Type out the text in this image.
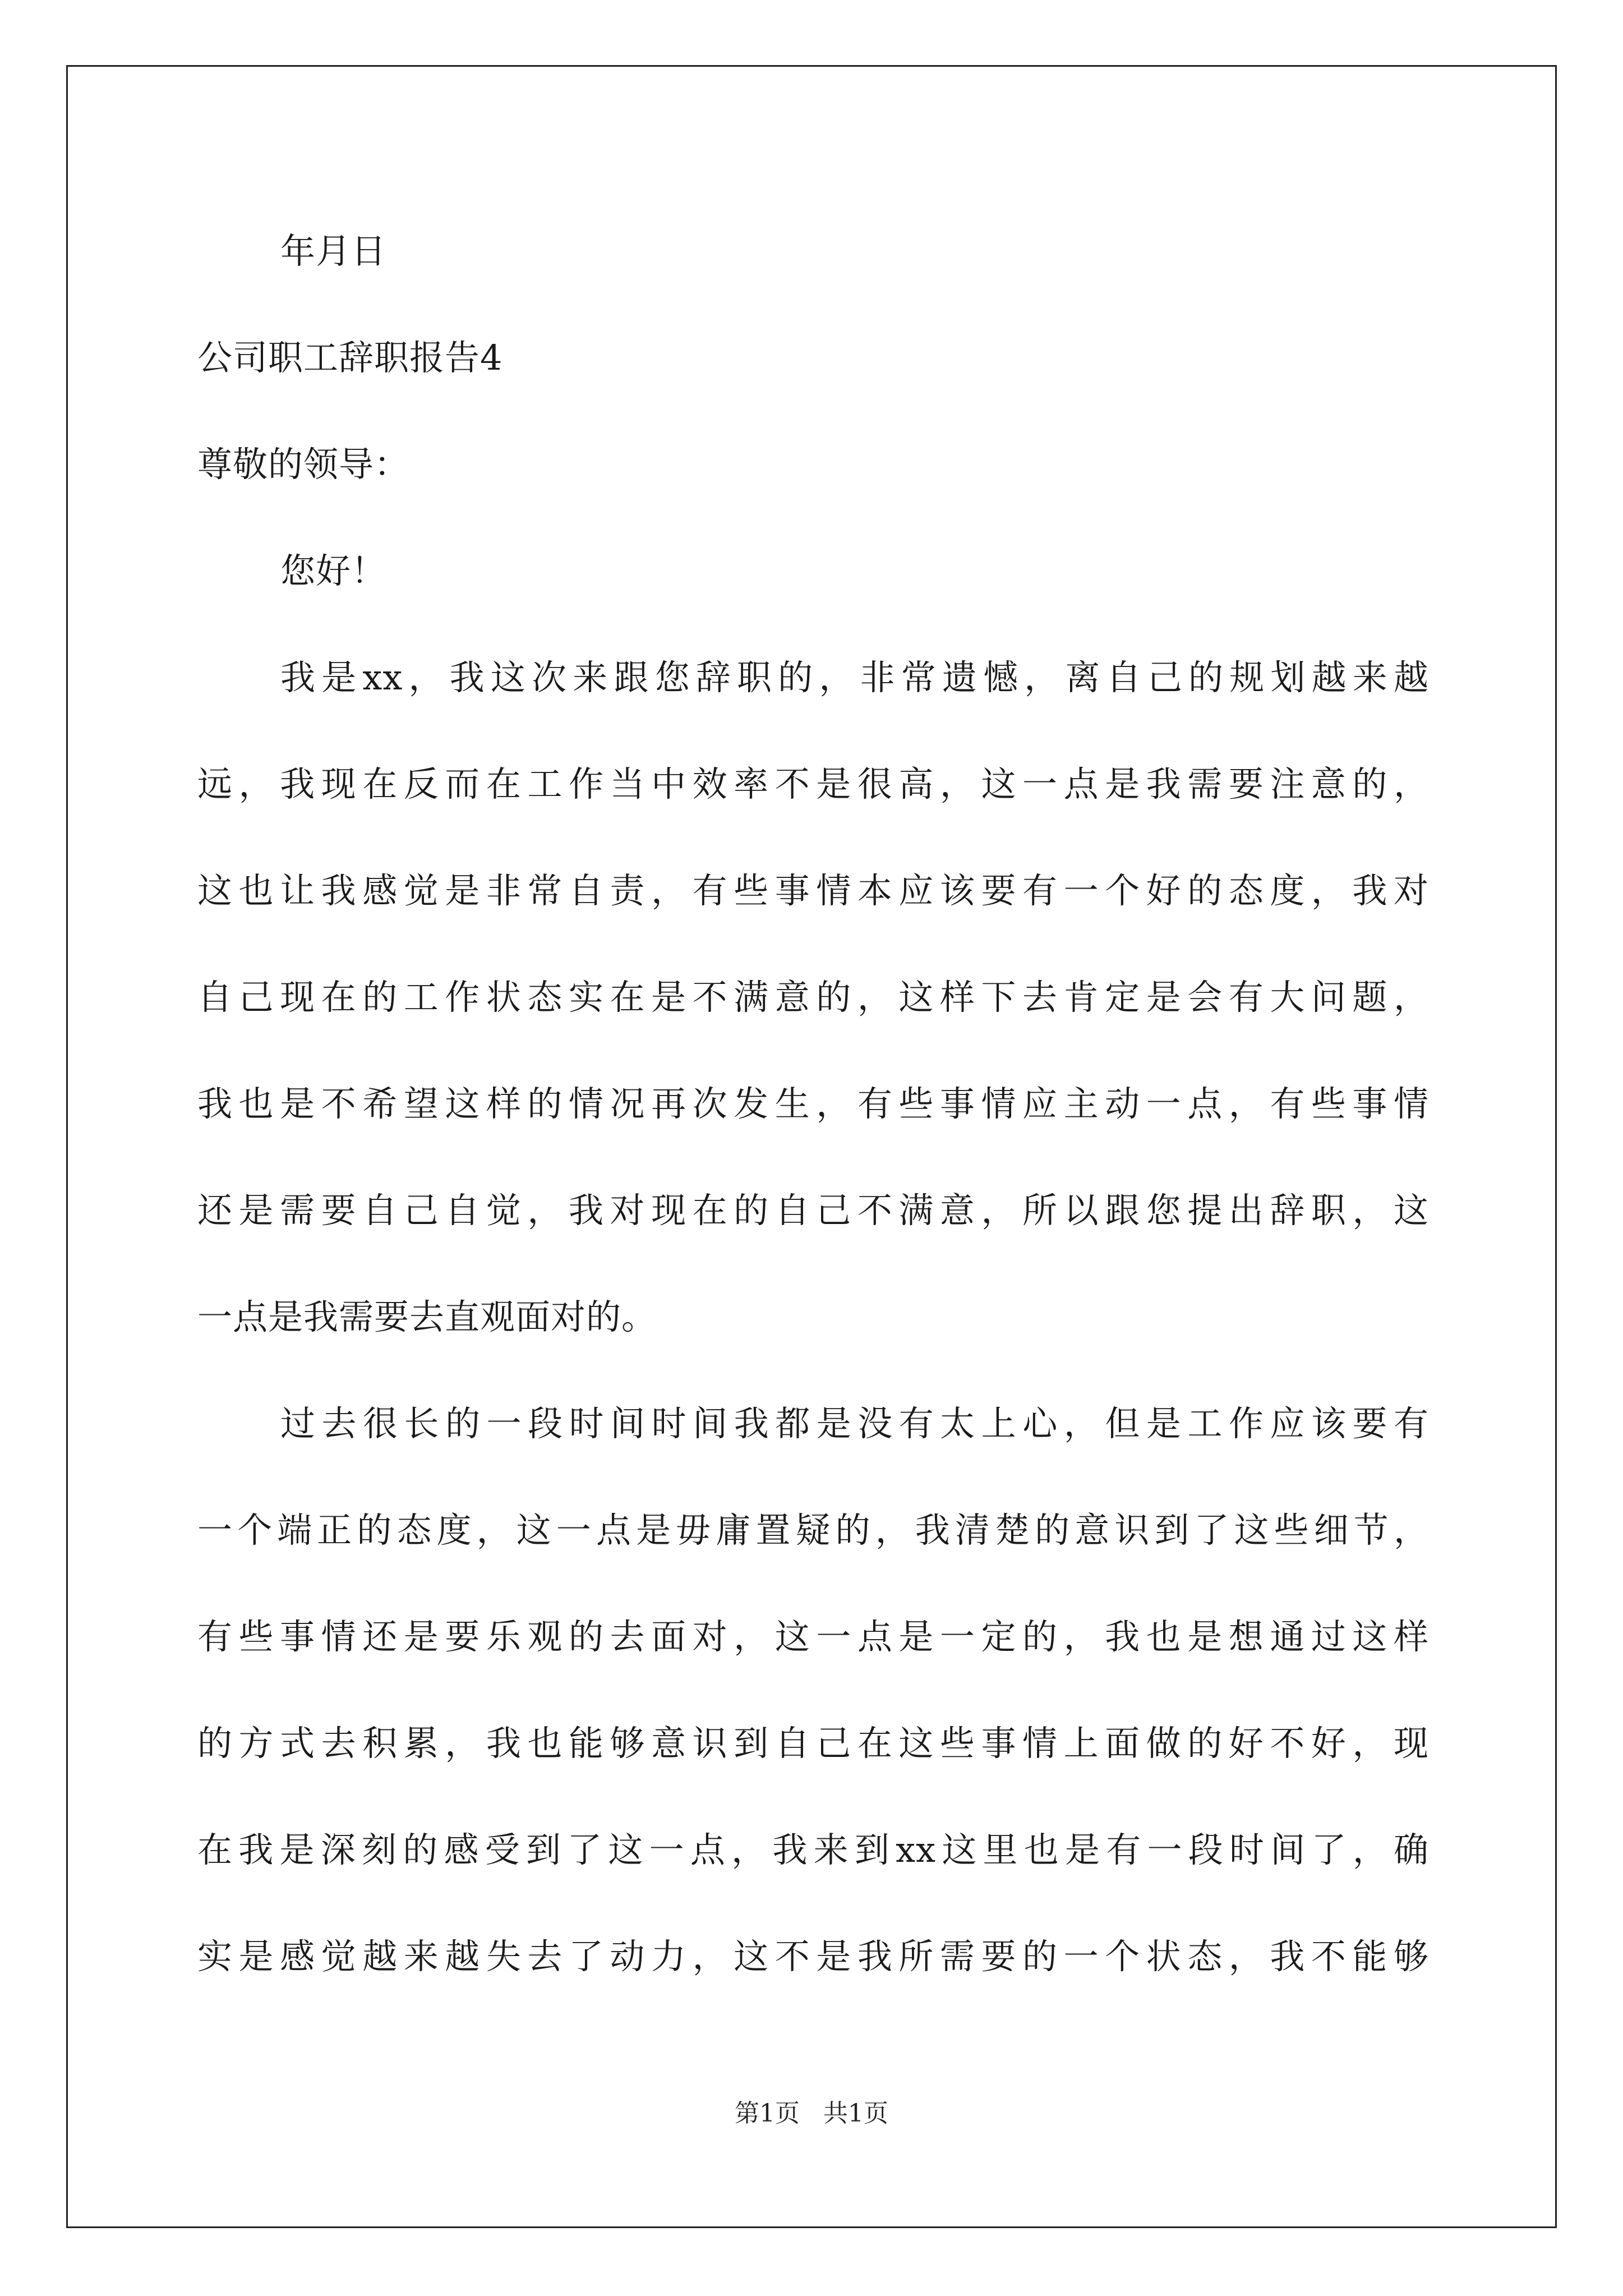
年月日
公司职工辞职报告4
尊敬的领导：
您好！
我是xx，我这次来跟您辞职的，非常遗憾，离自己的规划越来越
远，我现在反而在工作当中效率不是很高，这一点是我需要注意的，
这也让我感觉是非常自责，有些事情本应该要有一个好的态度，我对
自己现在的工作状态实在是不满意的，这样下去肯定是会有大问题，
我也是不希望这样的情况再次发生，有些事情应主动一点，有些事情
还是需要自己自觉，我对现在的自己不满意，所以跟您提出辞职，这
一点是我需要去直观面对的。
过去很长的一段时间时间我都是没有太上心，但是工作应该要有
一个端正的态度，这一点是毋庸置疑的，我清楚的意识到了这些细节，
有些事情还是要乐观的去面对，这一点是一定的，我也是想通过这样
的方式去积累，我也能够意识到自己在这些事情上面做的好不好，现
在我是深刻的感受到了这一点，我来到xx这里也是有一段时间了，确
实是感觉越来越失去了动力，这不是我所需要的一个状态，我不能够
第1页 共1页
